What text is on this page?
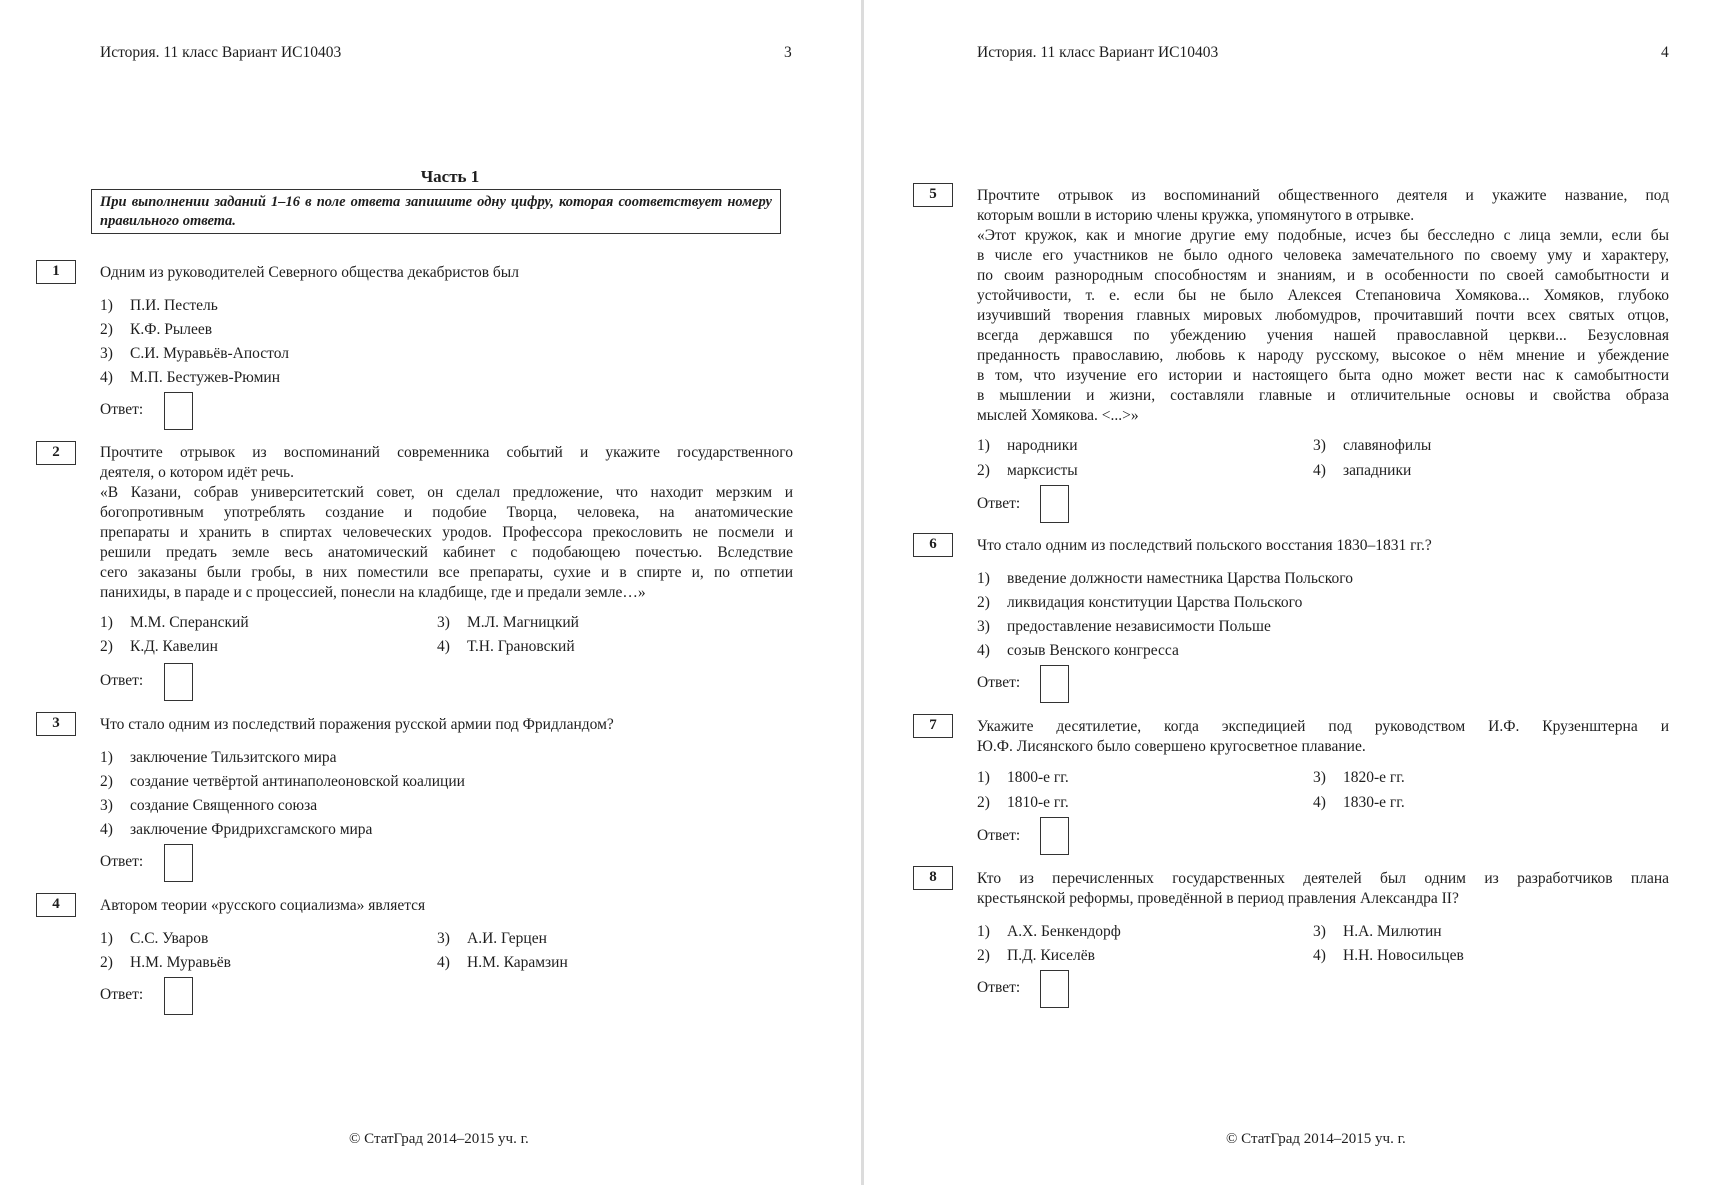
История. 11 класс Вариант ИС10403	3
Часть 1
При выполнении заданий 1–16 в поле ответа запишите одну цифру, которая соответствует номеру правильного ответа.
1	Одним из руководителей Северного общества декабристов был
1) П.И. Пестель
2) К.Ф. Рылеев
3) С.И. Муравьёв-Апостол
4) М.П. Бестужев-Рюмин
Ответ:
2	Прочтите отрывок из воспоминаний современника событий и укажите государственного
деятеля, о котором идёт речь.
«В Казани, собрав университетский совет, он сделал предложение, что находит мерзким и
богопротивным употреблять создание и подобие Творца, человека, на анатомические
препараты и хранить в спиртах человеческих уродов. Профессора прекословить не посмели и
решили предать земле весь анатомический кабинет с подобающею почестью. Вследствие
сего заказаны были гробы, в них поместили все препараты, сухие и в спирте и, по отпетии
панихиды, в параде и с процессией, понесли на кладбище, где и предали земле…»
1) М.М. Сперанский
2) К.Д. Кавелин
3) М.Л. Магницкий
4) Т.Н. Грановский
Ответ:
3	Что стало одним из последствий поражения русской армии под Фридландом?
1) заключение Тильзитского мира
2) создание четвёртой антинаполеоновской коалиции
3) создание Священного союза
4) заключение Фридрихсгамского мира
Ответ:
4	Автором теории «русского социализма» является
1) С.С. Уваров
2) Н.М. Муравьёв
3) А.И. Герцен
4) Н.М. Карамзин
Ответ:
© СтатГрад 2014–2015 уч. г.
История. 11 класс Вариант ИС10403	4
5	Прочтите отрывок из воспоминаний общественного деятеля и укажите название, под
которым вошли в историю члены кружка, упомянутого в отрывке.
«Этот кружок, как и многие другие ему подобные, исчез бы бесследно с лица земли, если бы
в числе его участников не было одного человека замечательного по своему уму и характеру,
по своим разнородным способностям и знаниям, и в особенности по своей самобытности и
устойчивости, т. е. если бы не было Алексея Степановича Хомякова... Хомяков, глубоко
изучивший творения главных мировых любомудров, прочитавший почти всех святых отцов,
всегда державшся по убеждению учения нашей православной церкви... Безусловная
преданность православию, любовь к народу русскому, высокое о нём мнение и убеждение
в том, что изучение его истории и настоящего быта одно может вести нас к самобытности
в мышлении и жизни, составляли главные и отличительные основы и свойства образа
мыслей Хомякова. <...>»
1) народники
2) марксисты
3) славянофилы
4) западники
Ответ:
6	Что стало одним из последствий польского восстания 1830–1831 гг.?
1) введение должности наместника Царства Польского
2) ликвидация конституции Царства Польского
3) предоставление независимости Польше
4) созыв Венского конгресса
Ответ:
7	Укажите десятилетие, когда экспедицией под руководством И.Ф. Крузенштерна и
Ю.Ф. Лисянского было совершено кругосветное плавание.
1) 1800-е гг.
2) 1810-е гг.
3) 1820-е гг.
4) 1830-е гг.
Ответ:
8	Кто из перечисленных государственных деятелей был одним из разработчиков плана
крестьянской реформы, проведённой в период правления Александра II?
1) А.Х. Бенкендорф
2) П.Д. Киселёв
3) Н.А. Милютин
4) Н.Н. Новосильцев
Ответ:
© СтатГрад 2014–2015 уч. г.
